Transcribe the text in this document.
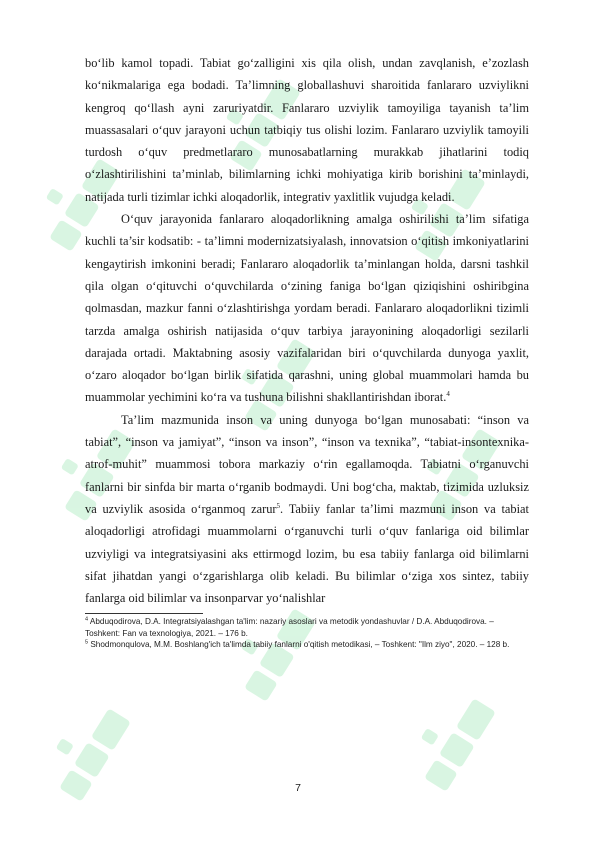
bo‘lib kamol topadi. Tabiat go‘zalligini xis qila olish, undan zavqlanish, e’zozlash ko‘nikmalariga ega bodadi. Ta’limning globallashuvi sharoitida fanlararo uzviylikni kengroq qo‘llash ayni zaruriyatdir. Fanlararo uzviylik tamoyiliga tayanish ta’lim muassasalari o‘quv jarayoni uchun tatbiqiy tus olishi lozim. Fanlararo uzviylik tamoyili turdosh o‘quv predmetlararo munosabatlarning murakkab jihatlarini todiq o‘zlashtirilishini ta’minlab, bilimlarning ichki mohiyatiga kirib borishini ta’minlaydi, natijada turli tizimlar ichki aloqadorlik, integrativ yaxlitlik vujudga keladi.

O‘quv jarayonida fanlararo aloqadorlikning amalga oshirilishi ta’lim sifatiga kuchli ta’sir kodsatib: - ta’limni modernizatsiyalash, innovatsion o‘qitish imkoniyatlarini kengaytirish imkonini beradi; Fanlararo aloqadorlik ta’minlangan holda, darsni tashkil qila olgan o‘qituvchi o‘quvchilarda o‘zining faniga bo‘lgan qiziqishini oshiribgina qolmasdan, mazkur fanni o‘zlashtirishga yordam beradi. Fanlararo aloqadorlikni tizimli tarzda amalga oshirish natijasida o‘quv tarbiya jarayonining aloqadorligi sezilarli darajada ortadi. Maktabning asosiy vazifalaridan biri o‘quvchilarda dunyoga yaxlit, o‘zaro aloqador bo‘lgan birlik sifatida qarashni, uning global muammolari hamda bu muammolar yechimini ko‘ra va tushuna bilishni shakllantirishdan iborat.$^4$

Ta’lim mazmunida inson va uning dunyoga bo‘lgan munosabati: “inson va tabiat”, “inson va jamiyat”, “inson va inson”, “inson va texnika”, “tabiat-insontexnika-atrof-muhit” muammosi tobora markaziy o‘rin egallamoqda. Tabiatni o‘rganuvchi fanlarni bir sinfda bir marta o‘rganib bodmaydi. Uni bog‘cha, maktab, tizimida uzluksiz va uzviylik asosida o‘rganmoq zarur$^5$. Tabiiy fanlar ta’limi mazmuni inson va tabiat aloqadorligi atrofidagi muammolarni o‘rganuvchi turli o‘quv fanlariga oid bilimlar uzviyligi va integratsiyasini aks ettirmogd lozim, bu esa tabiiy fanlarga oid bilimlarni sifat jihatdan yangi o‘zgarishlarga olib keladi. Bu bilimlar o‘ziga xos sintez, tabiiy fanlarga oid bilimlar va insonparvar yo‘nalishlar

$^4$ Abduqodirova, D.A. Integratsiyalashgan ta'lim: nazariy asoslari va metodik yondashuvlar / D.A. Abduqodirova. – Toshkent: Fan va texnologiya, 2021. – 176 b.

$^5$ Shodmonqulova, M.M. Boshlang'ich ta'limda tabiiy fanlarni o'qitish metodikasi, – Toshkent: "Ilm ziyo", 2020. – 128 b.

7
